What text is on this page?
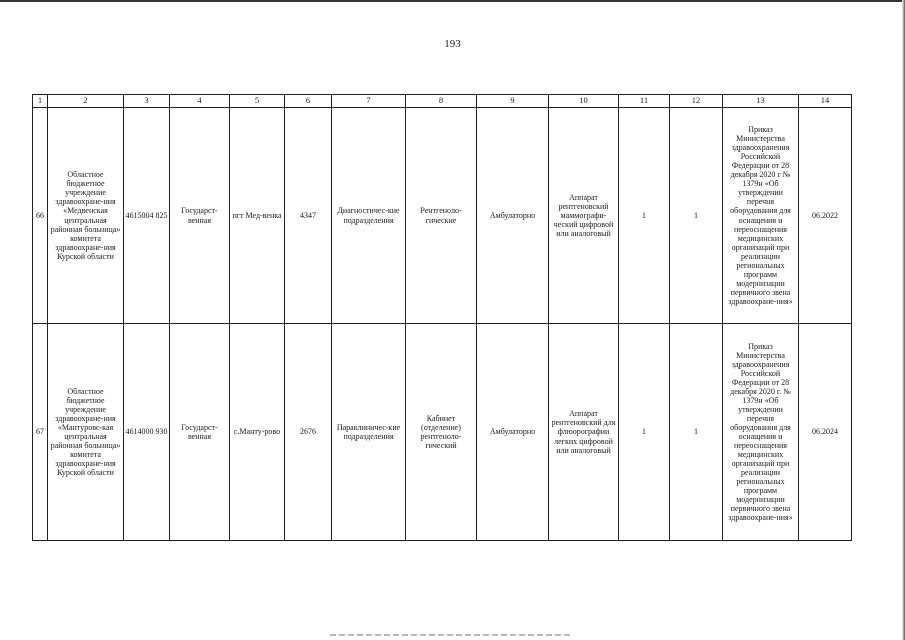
193
1	2	3	4	5	6	7	8	9	10	11	12	13	14
66	Областное бюджетное учреждение здравоохране-ния «Медвенская центральная районная больница» комитета здравоохране-ния Курской области	4615004 825	Государст-венная	пгт Мед-венка	4347	Диагностичес-кие подразделения	Рентгеноло-гические	Амбулаторно	Аппарат рентгеновский маммографи-ческий цифровой или аналоговый	1	1	Приказ Министерства здравоохранения Российской Федерации от 28 декабря 2020 г № 1379н «Об утверждении перечня оборудования для оснащения и переоснащения медицинских организаций при реализации региональных программ модернизации первичного звена здравоохране-ния»	06.2022
67	Областное бюджетное учреждение здравоохране-ния «Мантуровс-кая центральная районная больница» комитета здравоохране-ния Курской области	4614000 930	Государст-венная	с.Манту-рово	2676	Параклиничес-кие подразделения	Кабинет (отделение) рентгеноло-гический	Амбулаторно	Аппарат рентгеновский для флюорографии легких цифровой или аналоговый	1	1	Приказ Министерства здравоохранения Российской Федерации от 28 декабря 2020 г. № 1379н «Об утверждении перечня оборудования для оснащения и переоснащения медицинских организаций при реализации региональных программ модернизации первичного звена здравоохране-ния»	06.2024
